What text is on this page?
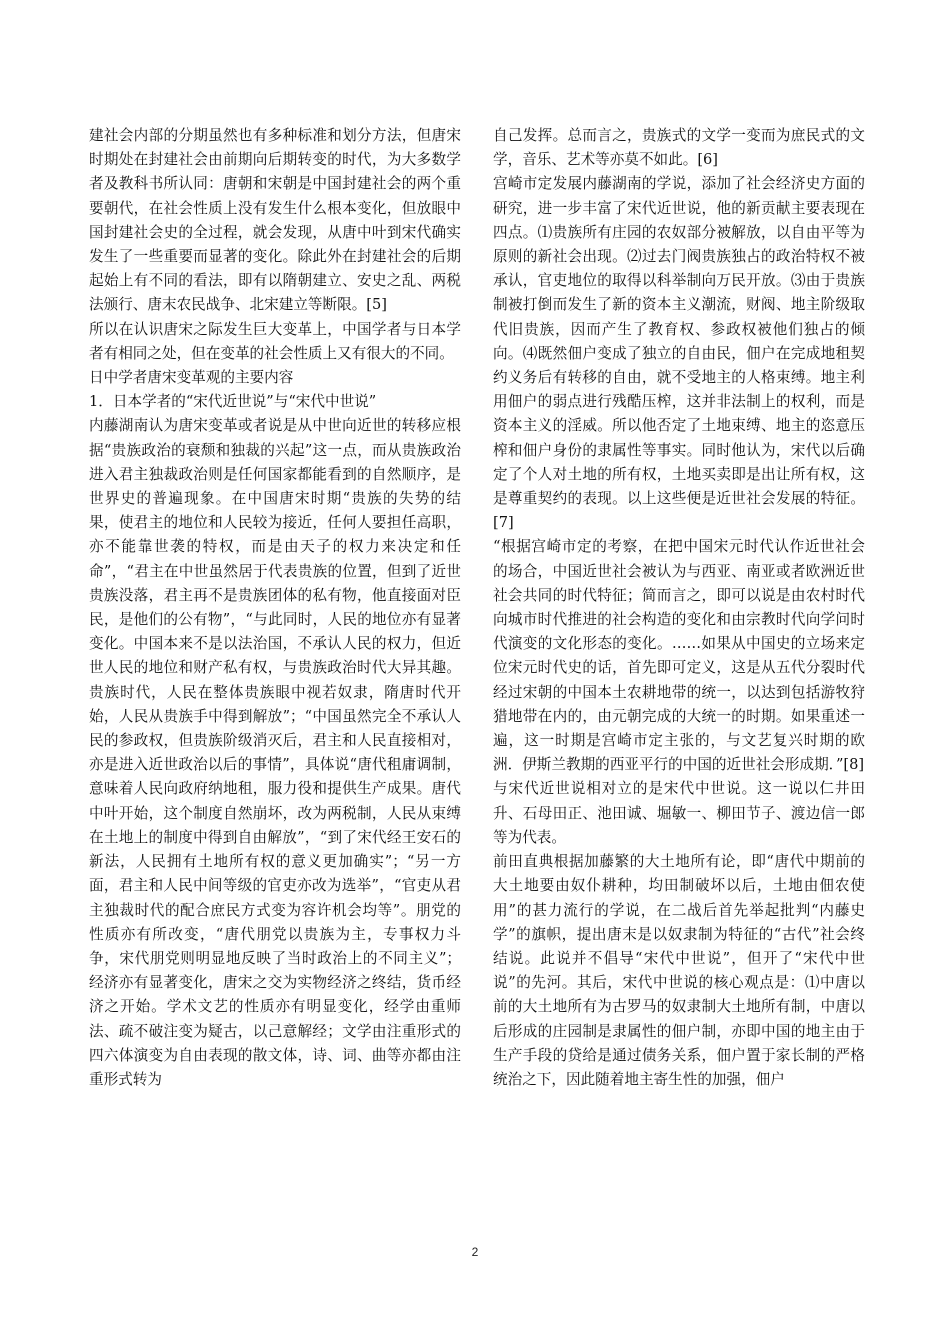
建社会内部的分期虽然也有多种标准和划分方法，但唐宋时期处在封建社会由前期向后期转变的时代，为大多数学者及教科书所认同：唐朝和宋朝是中国封建社会的两个重要朝代，在社会性质上没有发生什么根本变化，但放眼中国封建社会史的全过程，就会发现，从唐中叶到宋代确实发生了一些重要而显著的变化。除此外在封建社会的后期起始上有不同的看法，即有以隋朝建立、安史之乱、两税法颁行、唐末农民战争、北宋建立等断限。[5]

所以在认识唐宋之际发生巨大变革上，中国学者与日本学者有相同之处，但在变革的社会性质上又有很大的不同。

日中学者唐宋变革观的主要内容

1．日本学者的“宋代近世说”与“宋代中世说”

内藤湖南认为唐宋变革或者说是从中世向近世的转移应根据“贵族政治的衰颓和独裁的兴起”这一点，而从贵族政治进入君主独裁政治则是任何国家都能看到的自然顺序，是世界史的普遍现象。在中国唐宋时期“贵族的失势的结果，使君主的地位和人民较为接近，任何人要担任高职，亦不能靠世袭的特权，而是由天子的权力来决定和任命”，“君主在中世虽然居于代表贵族的位置，但到了近世贵族没落，君主再不是贵族团体的私有物，他直接面对臣民，是他们的公有物”，“与此同时，人民的地位亦有显著变化。中国本来不是以法治国，不承认人民的权力，但近世人民的地位和财产私有权，与贵族政治时代大异其趣。贵族时代，人民在整体贵族眼中视若奴隶，隋唐时代开始，人民从贵族手中得到解放”；“中国虽然完全不承认人民的参政权，但贵族阶级消灭后，君主和人民直接相对，亦是进入近世政治以后的事情”，具体说“唐代租庸调制，意味着人民向政府纳地租，服力役和提供生产成果。唐代中叶开始，这个制度自然崩坏，改为两税制，人民从束缚在土地上的制度中得到自由解放”，“到了宋代经王安石的新法，人民拥有土地所有权的意义更加确实”；“另一方面，君主和人民中间等级的官吏亦改为选举”，“官吏从君主独裁时代的配合庶民方式变为容许机会均等”。朋党的性质亦有所改变，“唐代朋党以贵族为主，专事权力斗争，宋代朋党则明显地反映了当时政治上的不同主义”；经济亦有显著变化，唐宋之交为实物经济之终结，货币经济之开始。学术文艺的性质亦有明显变化，经学由重师法、疏不破注变为疑古，以己意解经；文学由注重形式的四六体演变为自由表现的散文体，诗、词、曲等亦都由注重形式转为

自己发挥。总而言之，贵族式的文学一变而为庶民式的文学，音乐、艺术等亦莫不如此。[6]

宫崎市定发展内藤湖南的学说，添加了社会经济史方面的研究，进一步丰富了宋代近世说，他的新贡献主要表现在四点。⑴贵族所有庄园的农奴部分被解放，以自由平等为原则的新社会出现。⑵过去门阀贵族独占的政治特权不被承认，官吏地位的取得以科举制向万民开放。⑶由于贵族制被打倒而发生了新的资本主义潮流，财阀、地主阶级取代旧贵族，因而产生了教育权、参政权被他们独占的倾向。⑷既然佃户变成了独立的自由民，佃户在完成地租契约义务后有转移的自由，就不受地主的人格束缚。地主利用佃户的弱点进行残酷压榨，这并非法制上的权利，而是资本主义的淫威。所以他否定了土地束缚、地主的恣意压榨和佃户身份的隶属性等事实。同时他认为，宋代以后确定了个人对土地的所有权，土地买卖即是出让所有权，这是尊重契约的表现。以上这些便是近世社会发展的特征。[7]

“根据宫崎市定的考察，在把中国宋元时代认作近世社会的场合，中国近世社会被认为与西亚、南亚或者欧洲近世社会共同的时代特征；简而言之，即可以说是由农村时代向城市时代推进的社会构造的变化和由宗教时代向学问时代演变的文化形态的变化。……如果从中国史的立场来定位宋元时代史的话，首先即可定义，这是从五代分裂时代经过宋朝的中国本土农耕地带的统一，以达到包括游牧狩猎地带在内的，由元朝完成的大统一的时期。如果重述一遍，这一时期是宫崎市定主张的，与文艺复兴时期的欧洲．伊斯兰教期的西亚平行的中国的近世社会形成期．”[8]

与宋代近世说相对立的是宋代中世说。这一说以仁井田升、石母田正、池田诚、堀敏一、柳田节子、渡边信一郎等为代表。

前田直典根据加藤繁的大土地所有论，即“唐代中期前的大土地要由奴仆耕种，均田制破坏以后，土地由佃农使用”的甚力流行的学说，在二战后首先举起批判“内藤史学”的旗帜，提出唐末是以奴隶制为特征的“古代”社会终结说。此说并不倡导“宋代中世说”，但开了“宋代中世说”的先河。其后，宋代中世说的核心观点是：⑴中唐以前的大土地所有为古罗马的奴隶制大土地所有制，中唐以后形成的庄园制是隶属性的佃户制，亦即中国的地主由于生产手段的贷给是通过债务关系，佃户置于家长制的严格统治之下，因此随着地主寄生性的加强，佃户

2
